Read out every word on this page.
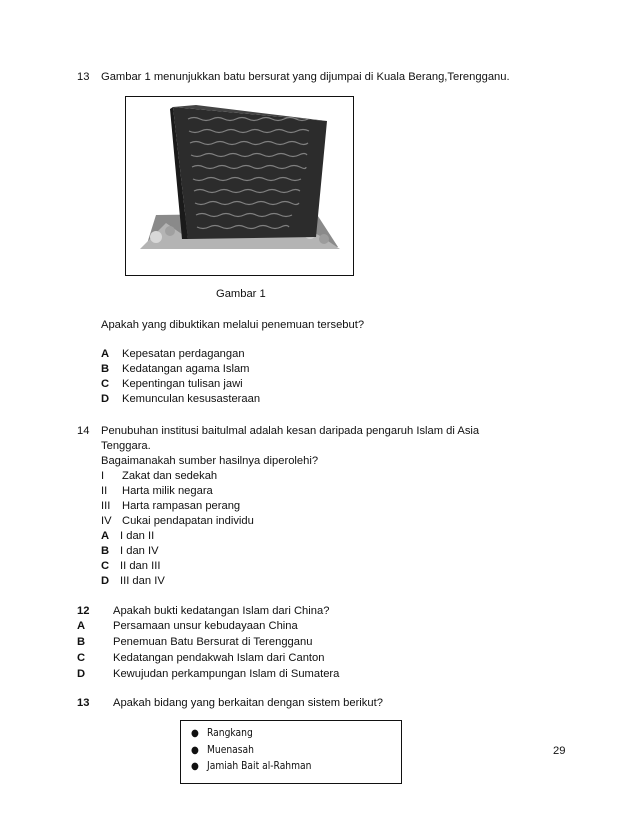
13 Gambar 1 menunjukkan batu bersurat yang dijumpai di Kuala Berang,Terengganu.
Gambar 1
Apakah yang dibuktikan melalui penemuan tersebut?
A Kepesatan perdagangan
B Kedatangan agama Islam
C Kepentingan tulisan jawi
D Kemunculan kesusasteraan
14 Penubuhan institusi baitulmal adalah kesan daripada pengaruh Islam di Asia
Tenggara.
Bagaimanakah sumber hasilnya diperolehi?
I Zakat dan sedekah
II Harta milik negara
III Harta rampasan perang
IV Cukai pendapatan individu
A I dan II
B I dan IV
C II dan III
D III dan IV
12 Apakah bukti kedatangan Islam dari China?
A Persamaan unsur kebudayaan China
B Penemuan Batu Bersurat di Terengganu
C Kedatangan pendakwah Islam dari Canton
D Kewujudan perkampungan Islam di Sumatera
13 Apakah bidang yang berkaitan dengan sistem berikut?
● Rangkang
● Muenasah
● Jamiah Bait al-Rahman
29
